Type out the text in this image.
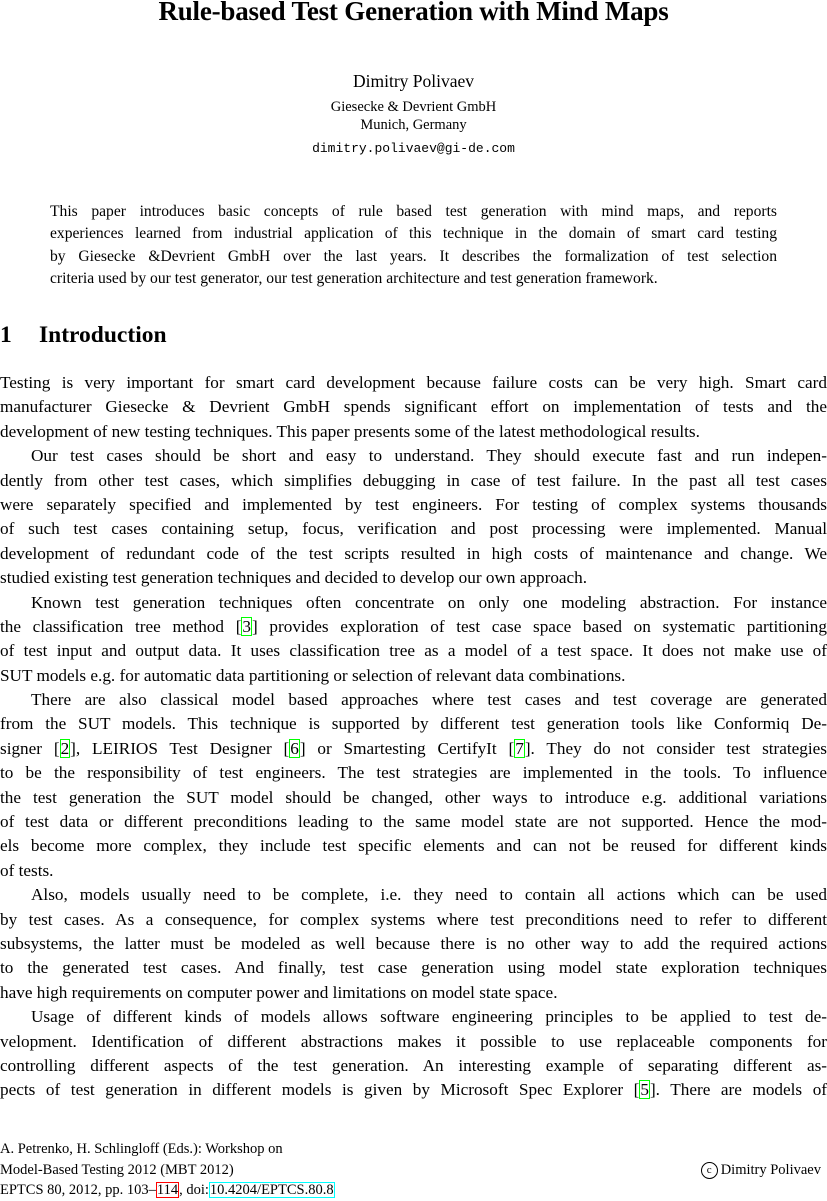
Rule-based Test Generation with Mind Maps
Dimitry Polivaev
Giesecke & Devrient GmbH
Munich, Germany
dimitry.polivaev@gi-de.com
This paper introduces basic concepts of rule based test generation with mind maps, and reports
experiences learned from industrial application of this technique in the domain of smart card testing
by Giesecke &Devrient GmbH over the last years. It describes the formalization of test selection
criteria used by our test generator, our test generation architecture and test generation framework.
1 Introduction
Testing is very important for smart card development because failure costs can be very high. Smart card
manufacturer Giesecke & Devrient GmbH spends significant effort on implementation of tests and the
development of new testing techniques. This paper presents some of the latest methodological results.
Our test cases should be short and easy to understand. They should execute fast and run indepen-
dently from other test cases, which simplifies debugging in case of test failure. In the past all test cases
were separately specified and implemented by test engineers. For testing of complex systems thousands
of such test cases containing setup, focus, verification and post processing were implemented. Manual
development of redundant code of the test scripts resulted in high costs of maintenance and change. We
studied existing test generation techniques and decided to develop our own approach.
Known test generation techniques often concentrate on only one modeling abstraction. For instance
the classification tree method [3] provides exploration of test case space based on systematic partitioning
of test input and output data. It uses classification tree as a model of a test space. It does not make use of
SUT models e.g. for automatic data partitioning or selection of relevant data combinations.
There are also classical model based approaches where test cases and test coverage are generated
from the SUT models. This technique is supported by different test generation tools like Conformiq De-
signer [2], LEIRIOS Test Designer [6] or Smartesting CertifyIt [7]. They do not consider test strategies
to be the responsibility of test engineers. The test strategies are implemented in the tools. To influence
the test generation the SUT model should be changed, other ways to introduce e.g. additional variations
of test data or different preconditions leading to the same model state are not supported. Hence the mod-
els become more complex, they include test specific elements and can not be reused for different kinds
of tests.
Also, models usually need to be complete, i.e. they need to contain all actions which can be used
by test cases. As a consequence, for complex systems where test preconditions need to refer to different
subsystems, the latter must be modeled as well because there is no other way to add the required actions
to the generated test cases. And finally, test case generation using model state exploration techniques
have high requirements on computer power and limitations on model state space.
Usage of different kinds of models allows software engineering principles to be applied to test de-
velopment. Identification of different abstractions makes it possible to use replaceable components for
controlling different aspects of the test generation. An interesting example of separating different as-
pects of test generation in different models is given by Microsoft Spec Explorer [5]. There are models of
A. Petrenko, H. Schlingloff (Eds.): Workshop on
Model-Based Testing 2012 (MBT 2012)
EPTCS 80, 2012, pp. 103–114, doi:10.4204/EPTCS.80.8
c Dimitry Polivaev
